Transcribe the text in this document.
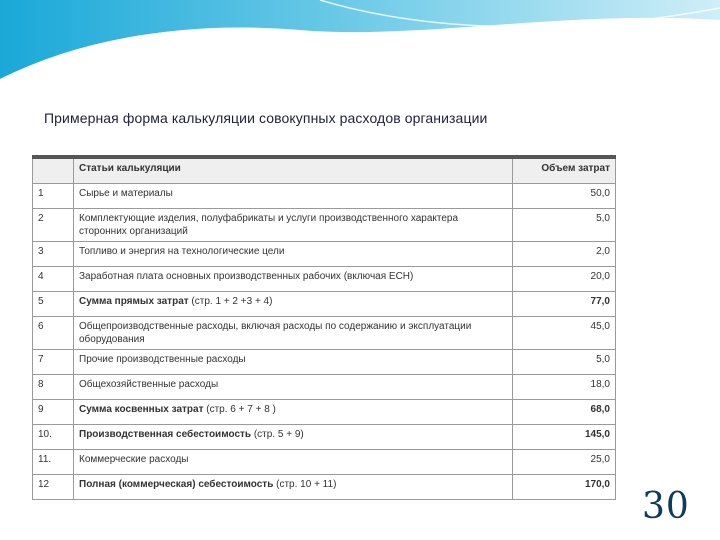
Примерная форма калькуляции совокупных расходов организации
	Статьи калькуляции	Объем затрат
1	Сырье и материалы	50,0
2	Комплектующие изделия, полуфабрикаты и услуги производственного характера сторонних организаций	5,0
3	Топливо и энергия на технологические цели	2,0
4	Заработная плата основных производственных рабочих (включая ЕСН)	20,0
5	Сумма прямых затрат (стр. 1 + 2 +3 + 4)	77,0
6	Общепроизводственные расходы, включая расходы по содержанию и эксплуатации оборудования	45,0
7	Прочие производственные расходы	5,0
8	Общехозяйственные расходы	18,0
9	Сумма косвенных затрат (стр. 6 + 7 + 8 )	68,0
10.	Производственная себестоимость (стр. 5 + 9)	145,0
11.	Коммерческие расходы	25,0
12	Полная (коммерческая) себестоимость (стр. 10 + 11)	170,0
30
